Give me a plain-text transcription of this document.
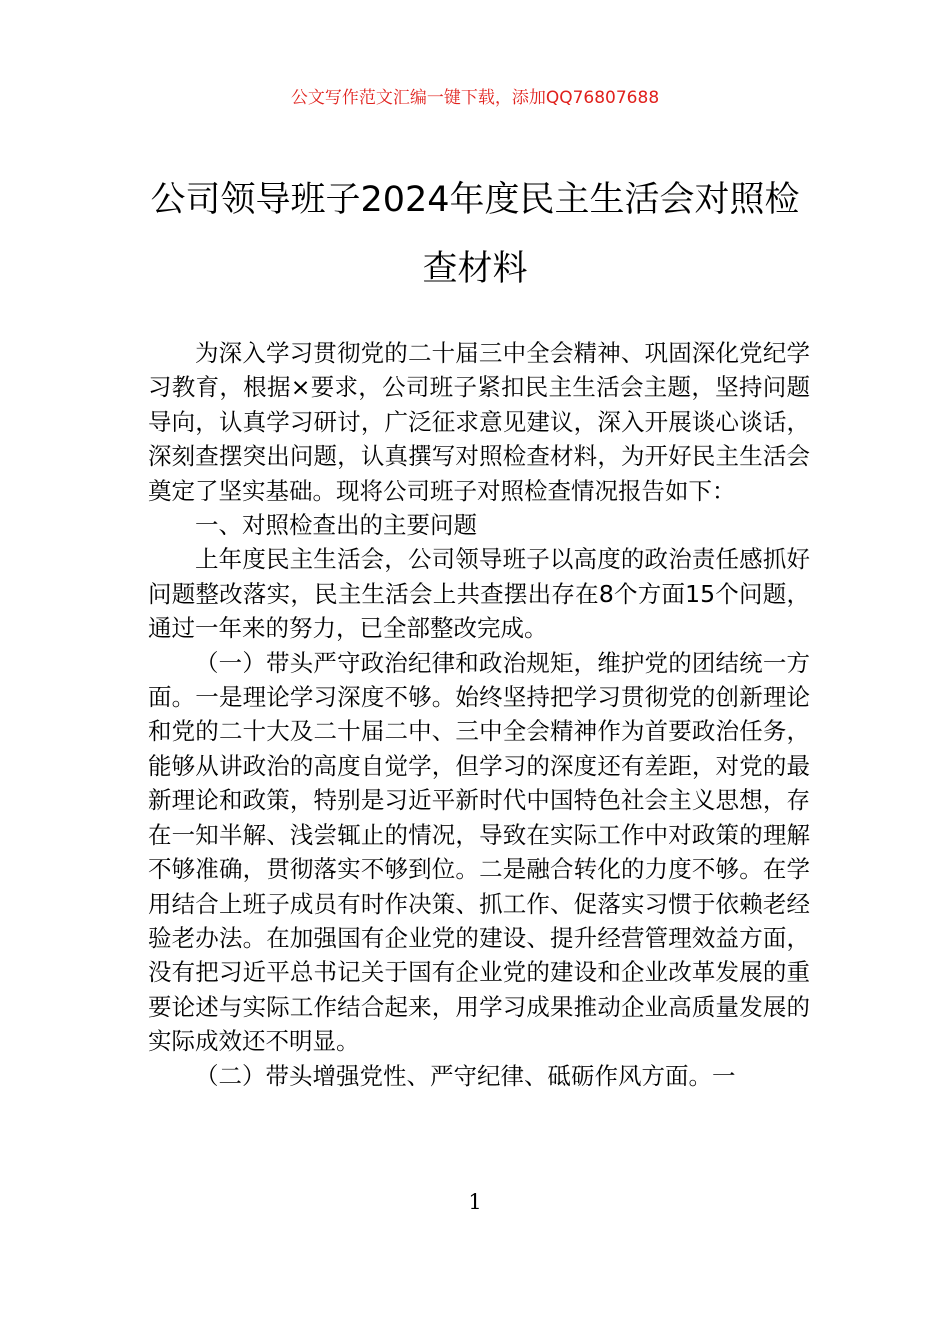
公文写作范文汇编一键下载，添加QQ76807688
公司领导班子2024年度民主生活会对照检
查材料

为深入学习贯彻党的二十届三中全会精神、巩固深化党纪学习教育，根据×要求，公司班子紧扣民主生活会主题，坚持问题导向，认真学习研讨，广泛征求意见建议，深入开展谈心谈话，深刻查摆突出问题，认真撰写对照检查材料，为开好民主生活会奠定了坚实基础。现将公司班子对照检查情况报告如下：

一、对照检查出的主要问题

上年度民主生活会，公司领导班子以高度的政治责任感抓好问题整改落实，民主生活会上共查摆出存在8个方面15个问题，通过一年来的努力，已全部整改完成。

（一）带头严守政治纪律和政治规矩，维护党的团结统一方面。一是理论学习深度不够。始终坚持把学习贯彻党的创新理论和党的二十大及二十届二中、三中全会精神作为首要政治任务，能够从讲政治的高度自觉学，但学习的深度还有差距，对党的最新理论和政策，特别是习近平新时代中国特色社会主义思想，存在一知半解、浅尝辄止的情况，导致在实际工作中对政策的理解不够准确，贯彻落实不够到位。二是融合转化的力度不够。在学用结合上班子成员有时作决策、抓工作、促落实习惯于依赖老经验老办法。在加强国有企业党的建设、提升经营管理效益方面，没有把习近平总书记关于国有企业党的建设和企业改革发展的重要论述与实际工作结合起来，用学习成果推动企业高质量发展的实际成效还不明显。

（二）带头增强党性、严守纪律、砥砺作风方面。一

1
